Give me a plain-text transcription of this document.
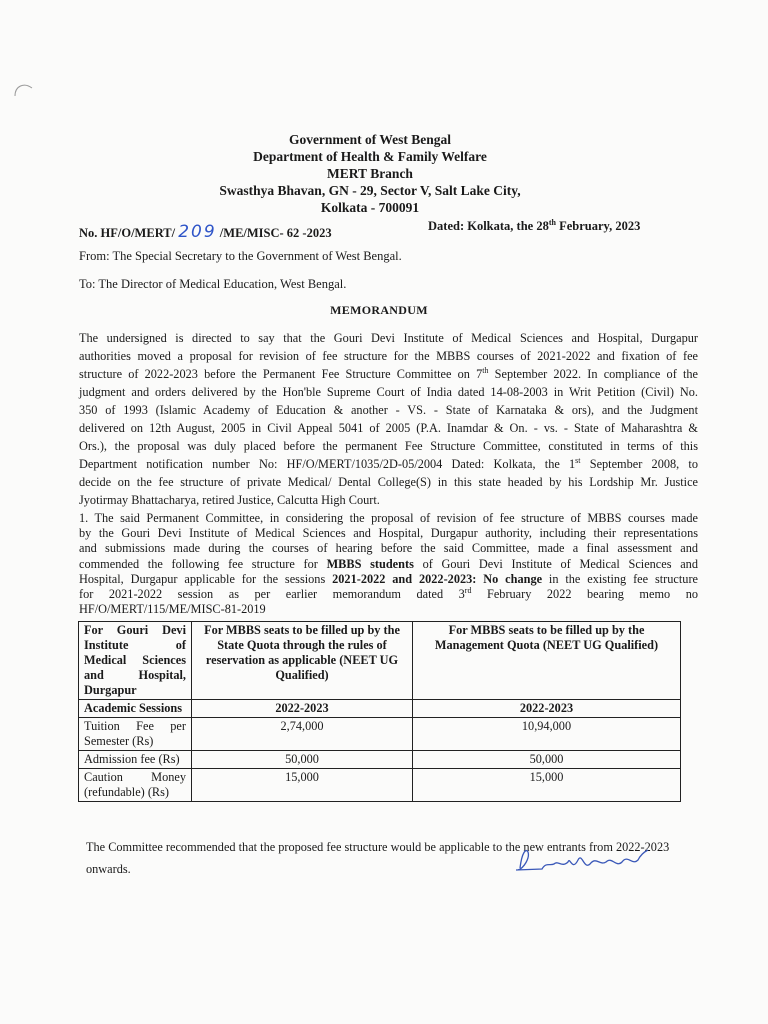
Government of West Bengal
Department of Health & Family Welfare
MERT Branch
Swasthya Bhavan, GN - 29, Sector V, Salt Lake City,
Kolkata - 700091
No. HF/O/MERT/ 209 /ME/MISC- 62 -2023	Dated: Kolkata, the 28th February, 2023
From: The Special Secretary to the Government of West Bengal.
To: The Director of Medical Education, West Bengal.
MEMORANDUM
The undersigned is directed to say that the Gouri Devi Institute of Medical Sciences and Hospital, Durgapur
authorities moved a proposal for revision of fee structure for the MBBS courses of 2021-2022 and fixation of fee
structure of 2022-2023 before the Permanent Fee Structure Committee on 7th September 2022. In compliance of the
judgment and orders delivered by the Hon'ble Supreme Court of India dated 14-08-2003 in Writ Petition (Civil) No.
350 of 1993 (Islamic Academy of Education & another - VS. - State of Karnataka & ors), and the Judgment
delivered on 12th August, 2005 in Civil Appeal 5041 of 2005 (P.A. Inamdar & On. - vs. - State of Maharashtra &
Ors.), the proposal was duly placed before the permanent Fee Structure Committee, constituted in terms of this
Department notification number No: HF/O/MERT/1035/2D-05/2004 Dated: Kolkata, the 1st September 2008, to
decide on the fee structure of private Medical/ Dental College(S) in this state headed by his Lordship Mr. Justice
Jyotirmay Bhattacharya, retired Justice, Calcutta High Court.
1. The said Permanent Committee, in considering the proposal of revision of fee structure of MBBS courses made
by the Gouri Devi Institute of Medical Sciences and Hospital, Durgapur authority, including their representations
and submissions made during the courses of hearing before the said Committee, made a final assessment and
commended the following fee structure for MBBS students of Gouri Devi Institute of Medical Sciences and
Hospital, Durgapur applicable for the sessions 2021-2022 and 2022-2023: No change in the existing fee structure
for 2021-2022 session as per earlier memorandum dated 3rd February 2022 bearing memo no
HF/O/MERT/115/ME/MISC-81-2019
For Gouri Devi Institute of Medical Sciences and Hospital, Durgapur	For MBBS seats to be filled up by the State Quota through the rules of reservation as applicable (NEET UG Qualified)	For MBBS seats to be filled up by the Management Quota (NEET UG Qualified)
Academic Sessions	2022-2023	2022-2023
Tuition Fee per Semester (Rs)	2,74,000	10,94,000
Admission fee (Rs)	50,000	50,000
Caution Money (refundable) (Rs)	15,000	15,000
The Committee recommended that the proposed fee structure would be applicable to the new entrants from 2022-2023 onwards.
